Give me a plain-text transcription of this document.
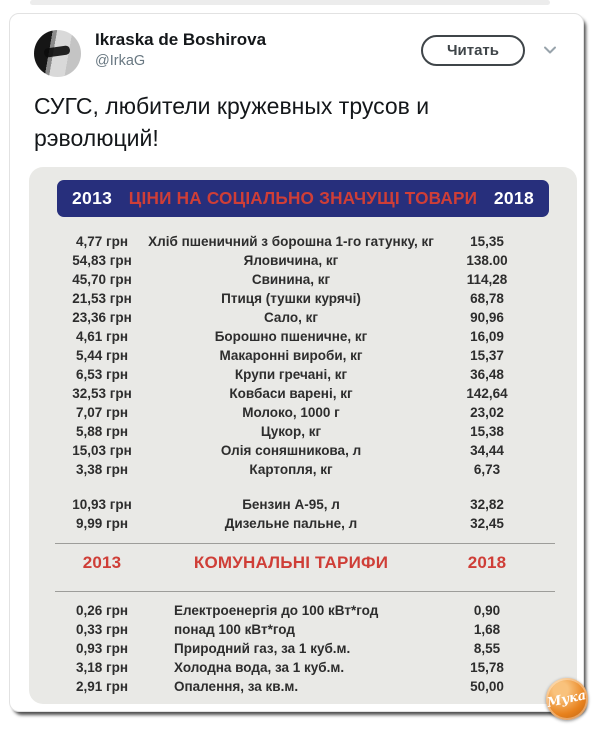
Ikraska de Boshirova
@IrkaG
Читать
СУГС, любители кружевных трусов и рэволюций!
2013 ЦІНИ НА СОЦІАЛЬНО ЗНАЧУЩІ ТОВАРИ 2018
4,77 грн	Хліб пшеничний з борошна 1-го гатунку, кг	15,35
54,83 грн	Яловичина, кг	138.00
45,70 грн	Свинина, кг	114,28
21,53 грн	Птиця (тушки курячі)	68,78
23,36 грн	Сало, кг	90,96
4,61 грн	Борошно пшеничне, кг	16,09
5,44 грн	Макаронні вироби, кг	15,37
6,53 грн	Крупи гречані, кг	36,48
32,53 грн	Ковбаси варені, кг	142,64
7,07 грн	Молоко, 1000 г	23,02
5,88 грн	Цукор, кг	15,38
15,03 грн	Олія соняшникова, л	34,44
3,38 грн	Картопля, кг	6,73
10,93 грн	Бензин А-95, л	32,82
9,99 грн	Дизельне пальне, л	32,45
2013	КОМУНАЛЬНІ ТАРИФИ	2018
0,26 грн	Електроенергія до 100 кВт*год	0,90
0,33 грн	понад 100 кВт*год	1,68
0,93 грн	Природний газ, за 1 куб.м.	8,55
3,18 грн	Холодна вода, за 1 куб.м.	15,78
2,91 грн	Опалення, за кв.м.	50,00
Мука
